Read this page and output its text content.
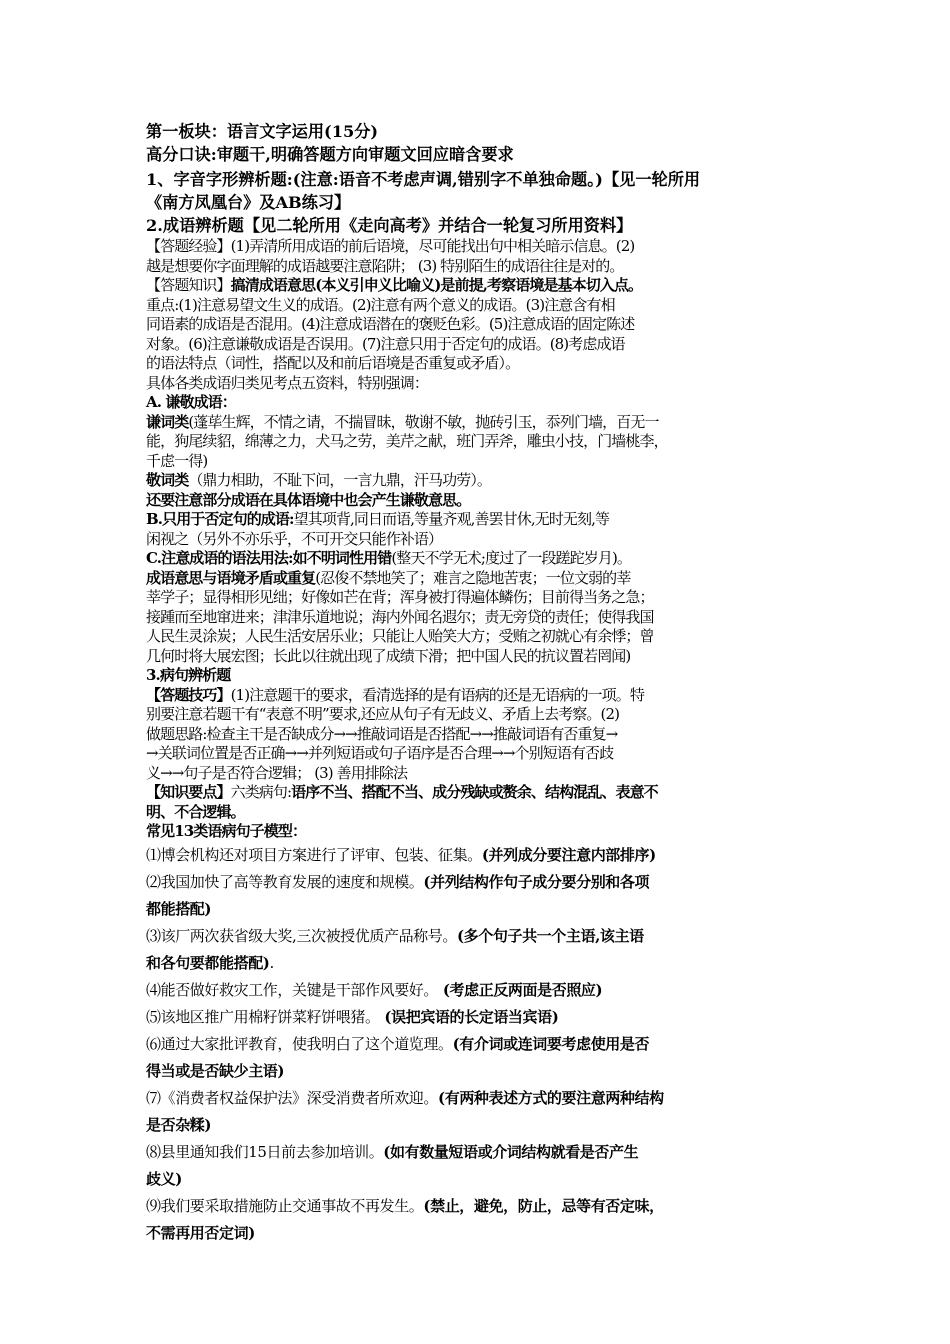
第一板块：语言文字运用(15分)

高分口诀:审题干,明确答题方向审题文回应暗含要求

1、字音字形辨析题:(注意:语音不考虑声调,错别字不单独命题。)【见一轮所用

《南方凤凰台》及AB练习】

2.成语辨析题【见二轮所用《走向高考》并结合一轮复习所用资料】

【答题经验】(1)弄清所用成语的前后语境，尽可能找出句中相关暗示信息。(2)

越是想要你字面理解的成语越要注意陷阱； (3) 特别陌生的成语往往是对的。

【答题知识】搞清成语意思(本义引申义比喻义)是前提,考察语境是基本切入点。

重点:(1)注意易望文生义的成语。(2)注意有两个意义的成语。(3)注意含有相

同语素的成语是否混用。(4)注意成语潜在的褒贬色彩。(5)注意成语的固定陈述

对象。(6)注意谦敬成语是否误用。(7)注意只用于否定句的成语。(8)考虑成语

的语法特点（词性，搭配以及和前后语境是否重复或矛盾）。

具体各类成语归类见考点五资料，特别强调：

A. 谦敬成语：

谦词类(蓬荜生辉，不情之请，不揣冒昧，敬谢不敏，抛砖引玉，忝列门墙，百无一

能，狗尾续貂，绵薄之力，犬马之劳，美芹之献，班门弄斧，雕虫小技，门墙桃李，

千虑一得)

敬词类（鼎力相助，不耻下问，一言九鼎，汗马功劳）。

还要注意部分成语在具体语境中也会产生谦敬意思。

B.只用于否定句的成语:望其项背,同日而语,等量齐观,善罢甘休,无时无刻,等

闲视之（另外不亦乐乎，不可开交只能作补语）

C.注意成语的语法用法:如不明词性用错(整天不学无术;度过了一段蹉跎岁月)。

成语意思与语境矛盾或重复(忍俊不禁地笑了；难言之隐地苦衷；一位文弱的莘

莘学子；显得相形见绌；好像如芒在背；浑身被打得遍体鳞伤；目前得当务之急；

接踵而至地窜进来；津津乐道地说；海内外闻名遐尔；责无旁贷的责任；使得我国

人民生灵涂炭；人民生活安居乐业；只能让人贻笑大方；受贿之初就心有余悸；曾

几何时将大展宏图；长此以往就出现了成绩下滑；把中国人民的抗议置若罔闻)

3.病句辨析题

【答题技巧】(1)注意题干的要求，看清选择的是有语病的还是无语病的一项。特

别要注意若题干有“表意不明”要求,还应从句子有无歧义、矛盾上去考察。(2)

做题思路:检查主干是否缺成分→→推敲词语是否搭配→→推敲词语有否重复→

→关联词位置是否正确→→并列短语或句子语序是否合理→→个别短语有否歧

义→→句子是否符合逻辑； (3) 善用排除法

【知识要点】六类病句:语序不当、搭配不当、成分残缺或赘余、结构混乱、表意不

明、不合逻辑。

常见13类语病句子模型：

⑴博会机构还对项目方案进行了评审、包装、征集。(并列成分要注意内部排序)

⑵我国加快了高等教育发展的速度和规模。(并列结构作句子成分要分别和各项

都能搭配)

⑶该厂两次获省级大奖,三次被授优质产品称号。(多个句子共一个主语,该主语

和各句要都能搭配).

⑷能否做好救灾工作，关键是干部作风要好。 (考虑正反两面是否照应)

⑸该地区推广用棉籽饼菜籽饼喂猪。 (误把宾语的长定语当宾语)

⑹通过大家批评教育，使我明白了这个道览理。(有介词或连词要考虑使用是否

得当或是否缺少主语)

⑺《消费者权益保护法》深受消费者所欢迎。(有两种表述方式的要注意两种结构

是否杂糅)

⑻县里通知我们15日前去参加培训。(如有数量短语或介词结构就看是否产生

歧义)

⑼我们要采取措施防止交通事故不再发生。(禁止，避免，防止，忌等有否定味，

不需再用否定词)
